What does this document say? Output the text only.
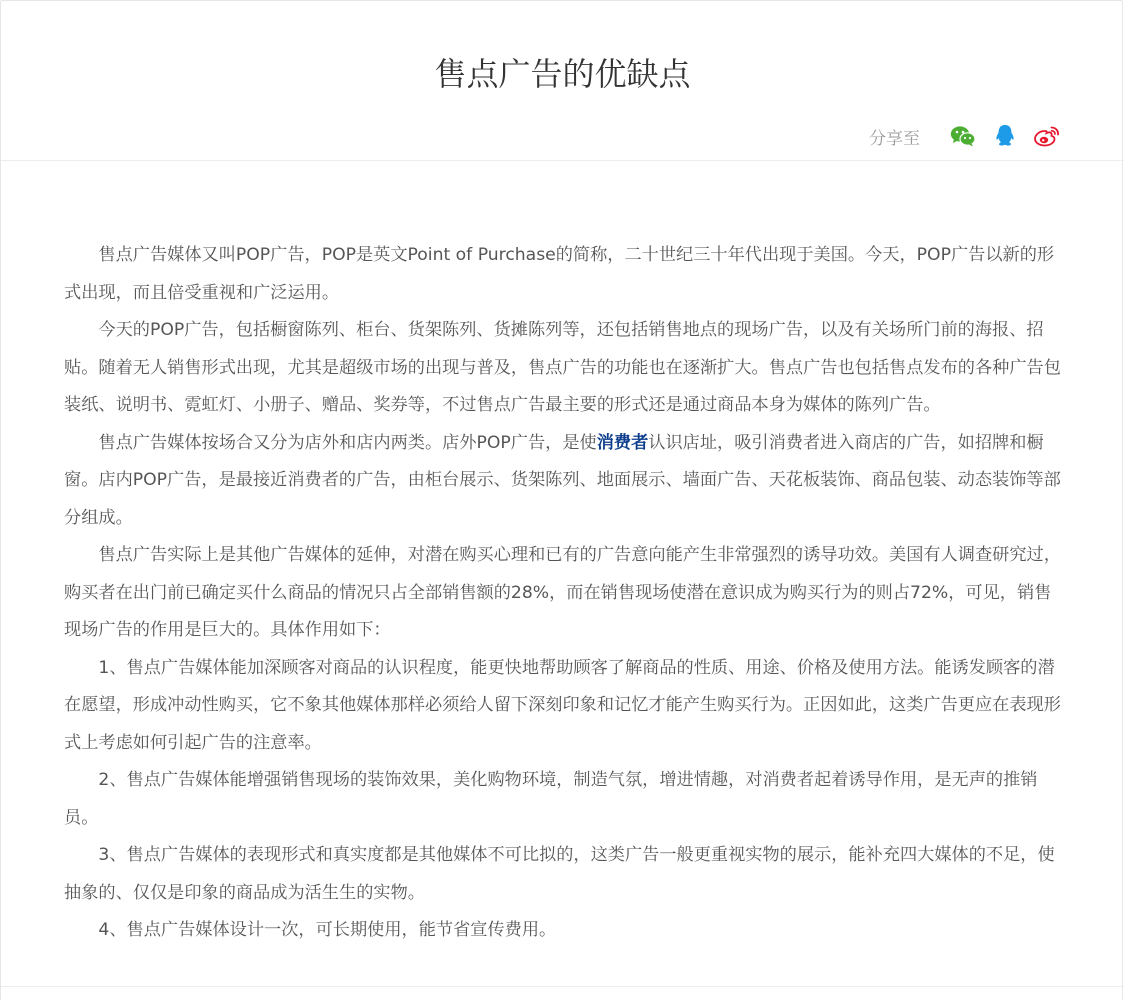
售点广告的优缺点
分享至

售点广告媒体又叫POP广告，POP是英文Point of Purchase的简称，二十世纪三十年代出现于美国。今天，POP广告以新的形式出现，而且倍受重视和广泛运用。

今天的POP广告，包括橱窗陈列、柜台、货架陈列、货摊陈列等，还包括销售地点的现场广告，以及有关场所门前的海报、招贴。随着无人销售形式出现，尤其是超级市场的出现与普及，售点广告的功能也在逐渐扩大。售点广告也包括售点发布的各种广告包装纸、说明书、霓虹灯、小册子、赠品、奖券等，不过售点广告最主要的形式还是通过商品本身为媒体的陈列广告。

售点广告媒体按场合又分为店外和店内两类。店外POP广告，是使消费者认识店址，吸引消费者进入商店的广告，如招牌和橱窗。店内POP广告，是最接近消费者的广告，由柜台展示、货架陈列、地面展示、墙面广告、天花板装饰、商品包装、动态装饰等部分组成。

售点广告实际上是其他广告媒体的延伸，对潜在购买心理和已有的广告意向能产生非常强烈的诱导功效。美国有人调查研究过，购买者在出门前已确定买什么商品的情况只占全部销售额的28%，而在销售现场使潜在意识成为购买行为的则占72%，可见，销售现场广告的作用是巨大的。具体作用如下：

1、售点广告媒体能加深顾客对商品的认识程度，能更快地帮助顾客了解商品的性质、用途、价格及使用方法。能诱发顾客的潜在愿望，形成冲动性购买，它不象其他媒体那样必须给人留下深刻印象和记忆才能产生购买行为。正因如此，这类广告更应在表现形式上考虑如何引起广告的注意率。

2、售点广告媒体能增强销售现场的装饰效果，美化购物环境，制造气氛，增进情趣，对消费者起着诱导作用，是无声的推销员。

3、售点广告媒体的表现形式和真实度都是其他媒体不可比拟的，这类广告一般更重视实物的展示，能补充四大媒体的不足，使抽象的、仅仅是印象的商品成为活生生的实物。

4、售点广告媒体设计一次，可长期使用，能节省宣传费用。
